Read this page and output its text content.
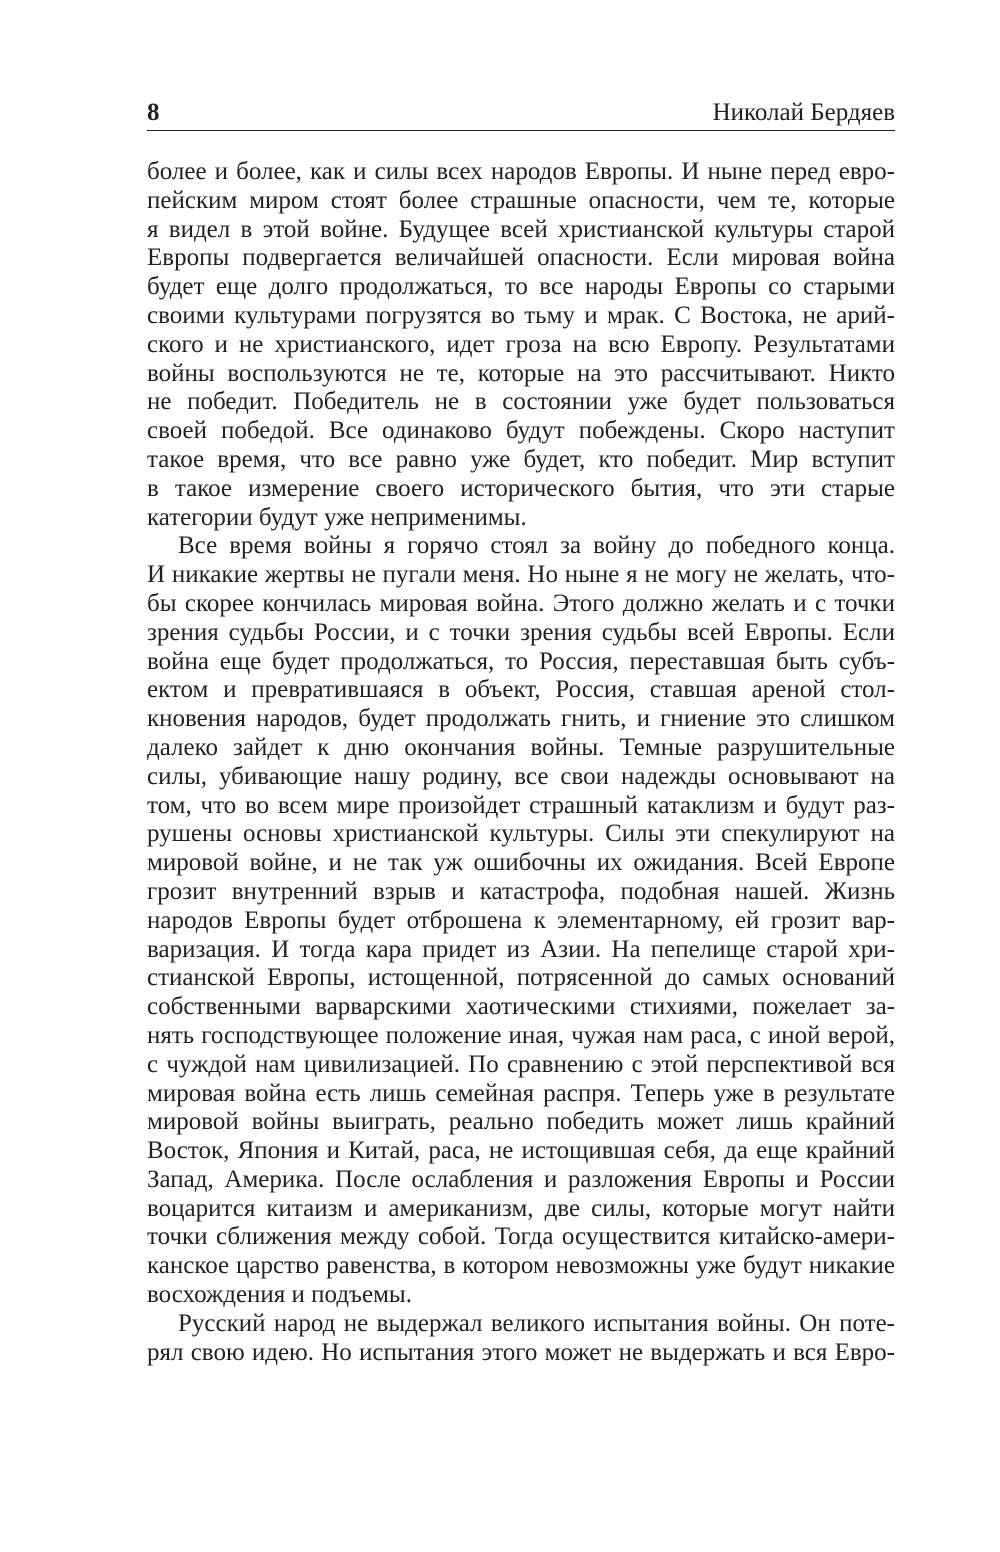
8	Николай Бердяев
более и более, как и силы всех народов Европы. И ныне перед евро-
пейским миром стоят более страшные опасности, чем те, которые
я видел в этой войне. Будущее всей христианской культуры старой
Европы подвергается величайшей опасности. Если мировая война
будет еще долго продолжаться, то все народы Европы со старыми
своими культурами погрузятся во тьму и мрак. С Востока, не арий-
ского и не христианского, идет гроза на всю Европу. Результатами
войны воспользуются не те, которые на это рассчитывают. Никто
не победит. Победитель не в состоянии уже будет пользоваться
своей победой. Все одинаково будут побеждены. Скоро наступит
такое время, что все равно уже будет, кто победит. Мир вступит
в такое измерение своего исторического бытия, что эти старые
категории будут уже неприменимы.
Все время войны я горячо стоял за войну до победного конца.
И никакие жертвы не пугали меня. Но ныне я не могу не желать, что-
бы скорее кончилась мировая война. Этого должно желать и с точки
зрения судьбы России, и с точки зрения судьбы всей Европы. Если
война еще будет продолжаться, то Россия, переставшая быть субъ-
ектом и превратившаяся в объект, Россия, ставшая ареной стол-
кновения народов, будет продолжать гнить, и гниение это слишком
далеко зайдет к дню окончания войны. Темные разрушительные
силы, убивающие нашу родину, все свои надежды основывают на
том, что во всем мире произойдет страшный катаклизм и будут раз-
рушены основы христианской культуры. Силы эти спекулируют на
мировой войне, и не так уж ошибочны их ожидания. Всей Европе
грозит внутренний взрыв и катастрофа, подобная нашей. Жизнь
народов Европы будет отброшена к элементарному, ей грозит вар-
варизация. И тогда кара придет из Азии. На пепелище старой хри-
стианской Европы, истощенной, потрясенной до самых оснований
собственными варварскими хаотическими стихиями, пожелает за-
нять господствующее положение иная, чужая нам раса, с иной верой,
с чуждой нам цивилизацией. По сравнению с этой перспективой вся
мировая война есть лишь семейная распря. Теперь уже в результате
мировой войны выиграть, реально победить может лишь крайний
Восток, Япония и Китай, раса, не истощившая себя, да еще крайний
Запад, Америка. После ослабления и разложения Европы и России
воцарится китаизм и американизм, две силы, которые могут найти
точки сближения между собой. Тогда осуществится китайско-амери-
канское царство равенства, в котором невозможны уже будут никакие
восхождения и подъемы.
Русский народ не выдержал великого испытания войны. Он поте-
рял свою идею. Но испытания этого может не выдержать и вся Евро-
